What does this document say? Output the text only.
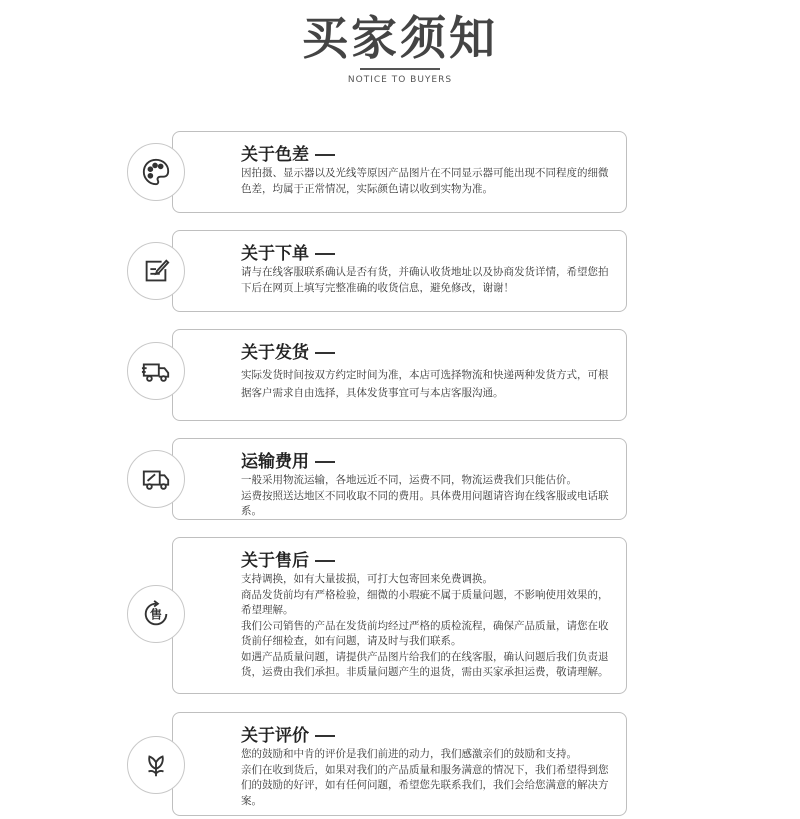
买家须知
NOTICE TO BUYERS
关于色差

因拍摄、显示器以及光线等原因产品图片在不同显示器可能出现不同程度的细微色差，均属于正常情况，实际颜色请以收到实物为准。

关于下单

请与在线客服联系确认是否有货，并确认收货地址以及协商发货详情，希望您拍下后在网页上填写完整准确的收货信息，避免修改，谢谢！

关于发货

实际发货时间按双方约定时间为准，本店可选择物流和快递两种发货方式，可根据客户需求自由选择，具体发货事宜可与本店客服沟通。

运输费用

一般采用物流运输，各地远近不同，运费不同，物流运费我们只能估价。

运费按照送达地区不同收取不同的费用。具体费用问题请咨询在线客服或电话联系。

关于售后

支持调换，如有大量拔损，可打大包寄回来免费调换。

商品发货前均有严格检验，细微的小瑕疵不属于质量问题，不影响使用效果的，希望理解。

我们公司销售的产品在发货前均经过严格的质检流程，确保产品质量，请您在收货前仔细检查，如有问题，请及时与我们联系。

如遇产品质量问题，请提供产品图片给我们的在线客服，确认问题后我们负责退货，运费由我们承担。非质量问题产生的退货，需由买家承担运费，敬请理解。

售
关于评价

您的鼓励和中肯的评价是我们前进的动力，我们感激亲们的鼓励和支持。

亲们在收到货后，如果对我们的产品质量和服务满意的情况下，我们希望得到您们的鼓励的好评，如有任何问题，希望您先联系我们，我们会给您满意的解决方案。
